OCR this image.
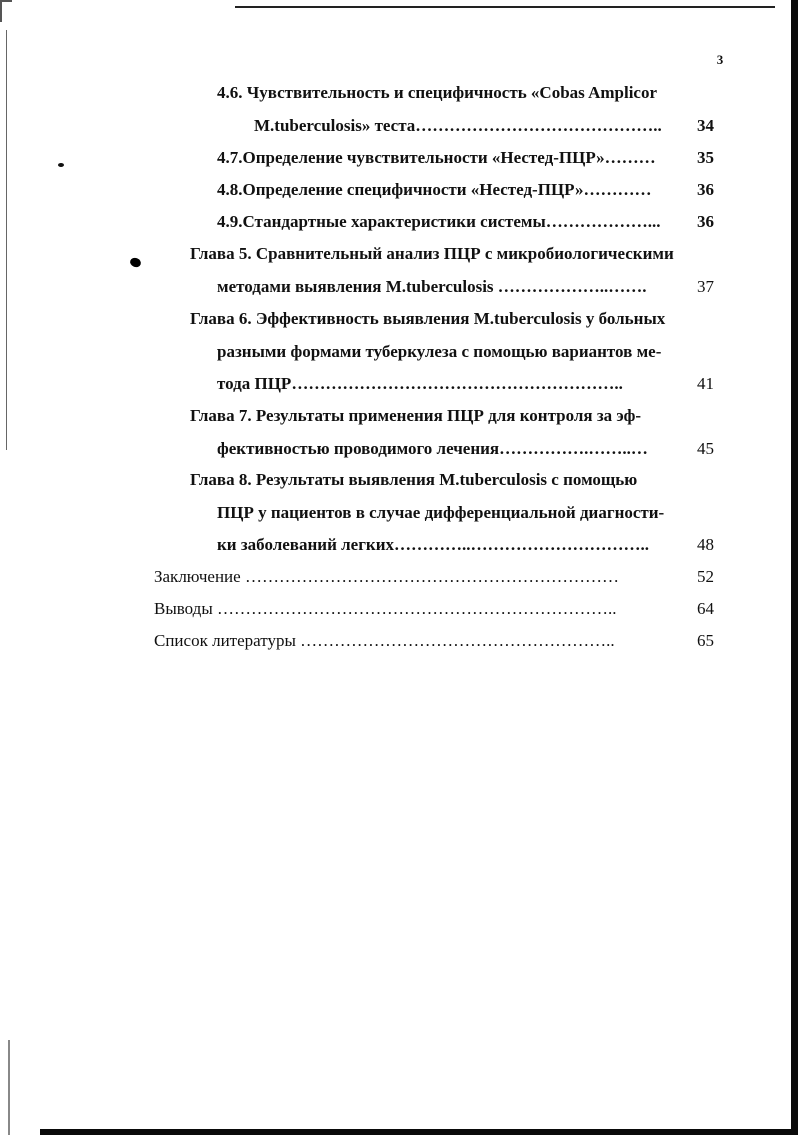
3
4.6. Чувствительность и специфичность «Cobas Amplicor
M.tuberculosis» теста……………………………………..	34
4.7.Определение чувствительности «Нестед-ПЦР»………	35
4.8.Определение специфичности «Нестед-ПЦР»…………	36
4.9.Стандартные характеристики системы………………...	36
Глава 5. Сравнительный анализ ПЦР с микробиологическими
методами выявления M.tuberculosis ………………..…….	37
Глава 6. Эффективность выявления M.tuberculosis у больных
разными формами туберкулеза с помощью вариантов ме-
тода ПЦР…………………………………………………..	41
Глава 7. Результаты применения ПЦР для контроля за эф-
фективностью проводимого лечения…………….……..…	45
Глава 8. Результаты выявления M.tuberculosis с помощью
ПЦР у пациентов в случае дифференциальной диагности-
ки заболеваний легких…………..…………………………..	48
Заключение …………………………………………………………	52
Выводы ……………………………………………………………..	64
Список литературы ………………………………………………..	65
